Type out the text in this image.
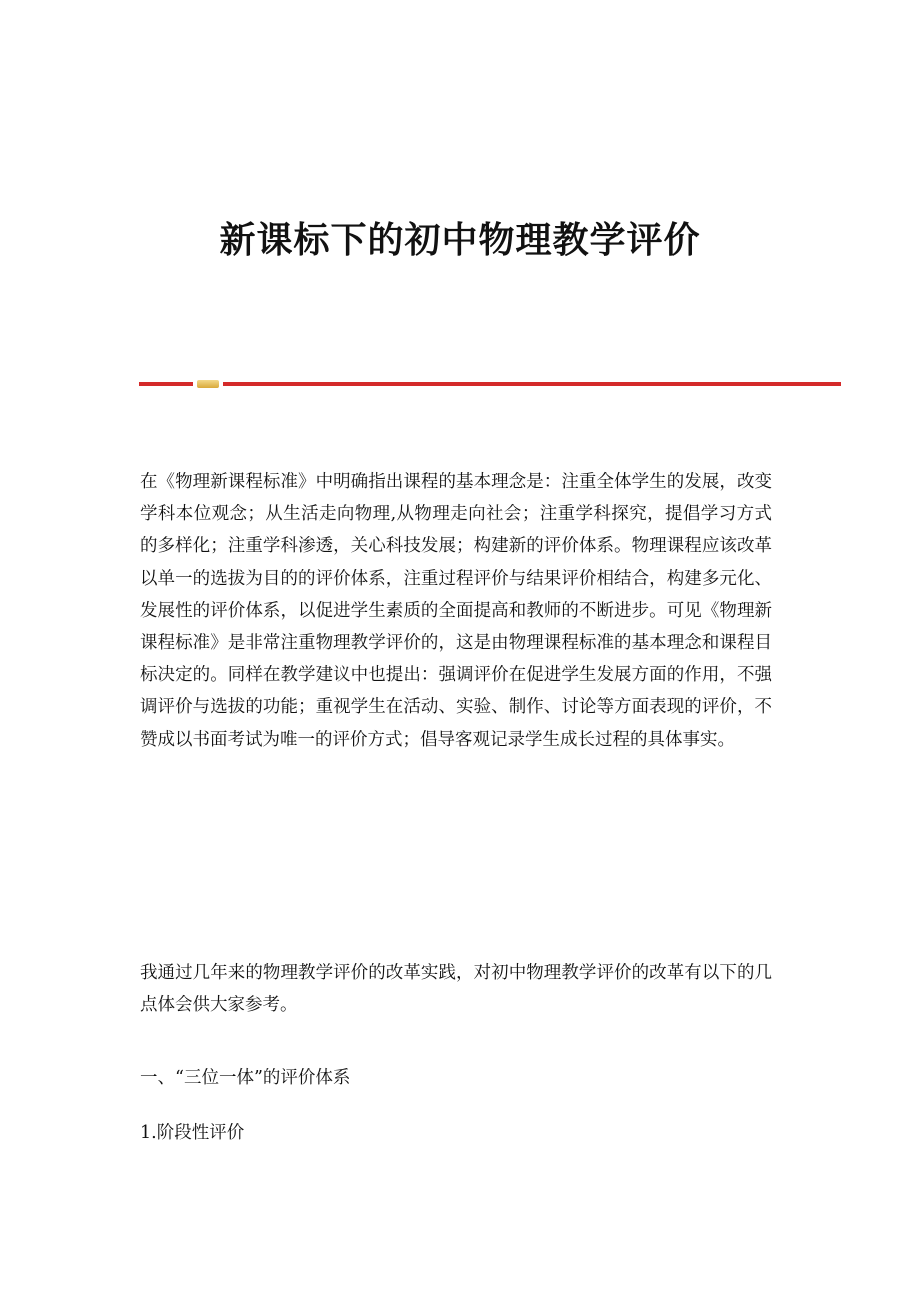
新课标下的初中物理教学评价

在《物理新课程标准》中明确指出课程的基本理念是：注重全体学生的发展，改变学科本位观念；从生活走向物理,从物理走向社会；注重学科探究，提倡学习方式的多样化；注重学科渗透，关心科技发展；构建新的评价体系。物理课程应该改革以单一的选拔为目的的评价体系，注重过程评价与结果评价相结合，构建多元化、发展性的评价体系，以促进学生素质的全面提高和教师的不断进步。可见《物理新课程标准》是非常注重物理教学评价的，这是由物理课程标准的基本理念和课程目标决定的。同样在教学建议中也提出：强调评价在促进学生发展方面的作用，不强调评价与选拔的功能；重视学生在活动、实验、制作、讨论等方面表现的评价，不赞成以书面考试为唯一的评价方式；倡导客观记录学生成长过程的具体事实。

我通过几年来的物理教学评价的改革实践，对初中物理教学评价的改革有以下的几点体会供大家参考。

一、“三位一体”的评价体系

1.阶段性评价
